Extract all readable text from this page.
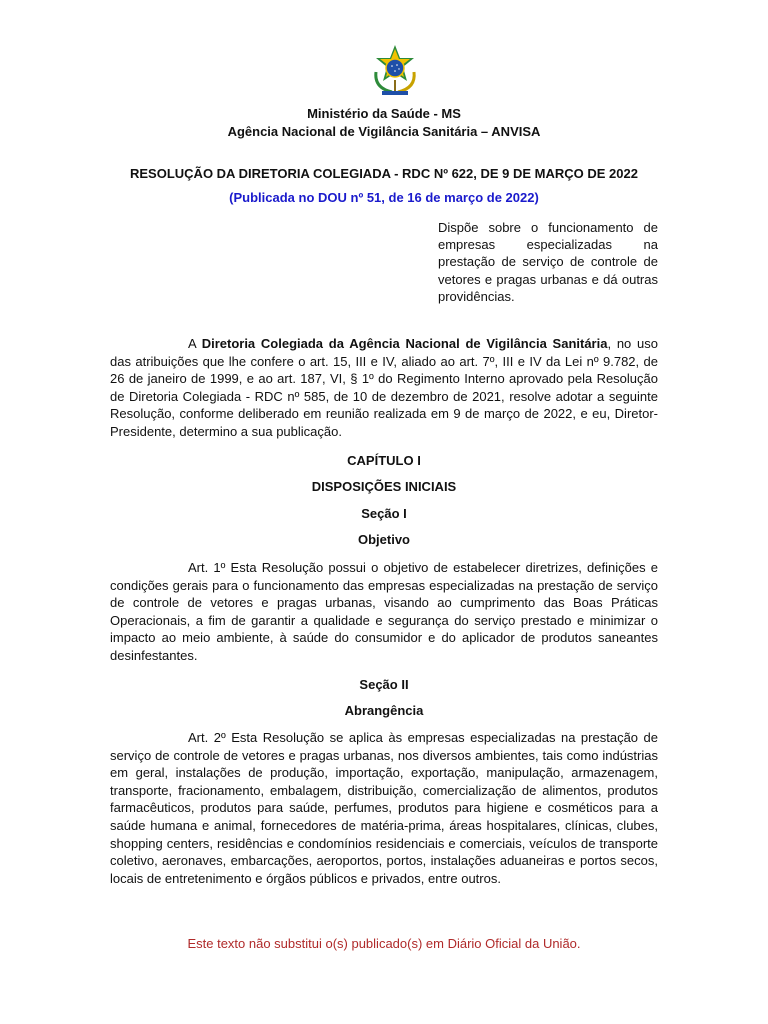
Ministério da Saúde - MS
Agência Nacional de Vigilância Sanitária – ANVISA
RESOLUÇÃO DA DIRETORIA COLEGIADA - RDC Nº 622, DE 9 DE MARÇO DE 2022
(Publicada no DOU nº 51, de 16 de março de 2022)
Dispõe sobre o funcionamento de empresas especializadas na prestação de serviço de controle de vetores e pragas urbanas e dá outras providências.
A Diretoria Colegiada da Agência Nacional de Vigilância Sanitária, no uso das atribuições que lhe confere o art. 15, III e IV, aliado ao art. 7º, III e IV da Lei nº 9.782, de 26 de janeiro de 1999, e ao art. 187, VI, § 1º do Regimento Interno aprovado pela Resolução de Diretoria Colegiada - RDC nº 585, de 10 de dezembro de 2021, resolve adotar a seguinte Resolução, conforme deliberado em reunião realizada em 9 de março de 2022, e eu, Diretor-Presidente, determino a sua publicação.
CAPÍTULO I
DISPOSIÇÕES INICIAIS
Seção I
Objetivo
Art. 1º Esta Resolução possui o objetivo de estabelecer diretrizes, definições e condições gerais para o funcionamento das empresas especializadas na prestação de serviço de controle de vetores e pragas urbanas, visando ao cumprimento das Boas Práticas Operacionais, a fim de garantir a qualidade e segurança do serviço prestado e minimizar o impacto ao meio ambiente, à saúde do consumidor e do aplicador de produtos saneantes desinfestantes.
Seção II
Abrangência
Art. 2º Esta Resolução se aplica às empresas especializadas na prestação de serviço de controle de vetores e pragas urbanas, nos diversos ambientes, tais como indústrias em geral, instalações de produção, importação, exportação, manipulação, armazenagem, transporte, fracionamento, embalagem, distribuição, comercialização de alimentos, produtos farmacêuticos, produtos para saúde, perfumes, produtos para higiene e cosméticos para a saúde humana e animal, fornecedores de matéria-prima, áreas hospitalares, clínicas, clubes, shopping centers, residências e condomínios residenciais e comerciais, veículos de transporte coletivo, aeronaves, embarcações, aeroportos, portos, instalações aduaneiras e portos secos, locais de entretenimento e órgãos públicos e privados, entre outros.
Este texto não substitui o(s) publicado(s) em Diário Oficial da União.
